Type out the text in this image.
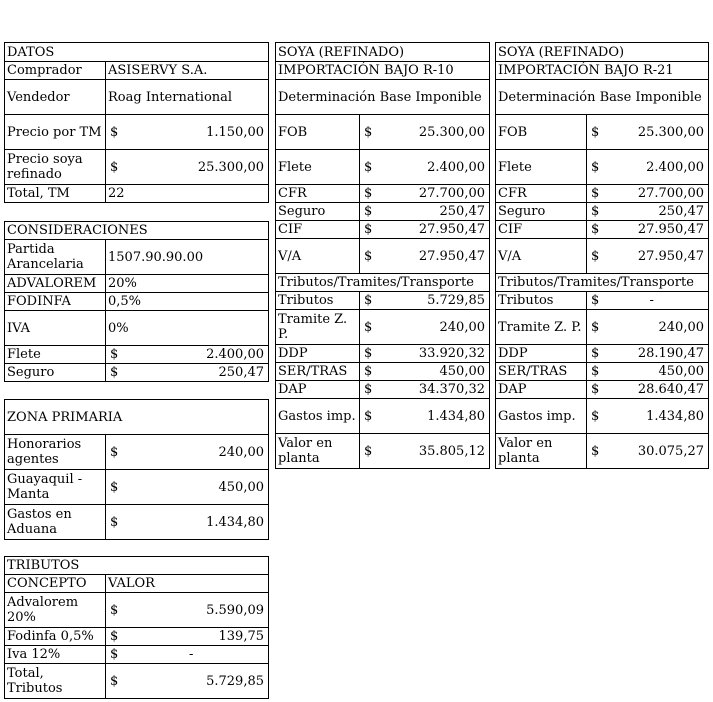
DATOS
Comprador	ASISERVY S.A.
Vendedor	Roag International
Precio por TM $	1.150,00
Precio soya refinado	$	25.300,00
Total, TM	22
CONSIDERACIONES
Partida Arancelaria	1507.90.90.00
ADVALOREM 20%
FODINFA	0,5%
IVA	0%
Flete	$	2.400,00
Seguro	$	250,47
ZONA PRIMARIA
Honorarios agentes	$	240,00
Guayaquil - Manta	$	450,00
Gastos en Aduana	$	1.434,80
TRIBUTOS
CONCEPTO	VALOR
Advalorem 20%	$	5.590,09
Fodinfa 0,5%	$	139,75
Iva 12%	$	-
Total, Tributos	$	5.729,85
SOYA (REFINADO)
IMPORTACIÓN BAJO R-10
Determinación Base Imponible
FOB	$	25.300,00
Flete	$	2.400,00
CFR	$	27.700,00
Seguro	$	250,47
CIF	$	27.950,47
V/A	$	27.950,47
Tributos/Tramites/Transporte
Tributos	$	5.729,85
Tramite Z. P.	$	240,00
DDP	$	33.920,32
SER/TRAS	$	450,00
DAP	$	34.370,32
Gastos imp. $	1.434,80
Valor en planta	$	35.805,12
SOYA (REFINADO)
IMPORTACIÓN BAJO R-21
Determinación Base Imponible
FOB	$	25.300,00
Flete	$	2.400,00
CFR	$	27.700,00
Seguro	$	250,47
CIF	$	27.950,47
V/A	$	27.950,47
Tributos/Tramites/Transporte
Tributos	$	-
Tramite Z. P. $	240,00
DDP	$	28.190,47
SER/TRAS	$	450,00
DAP	$	28.640,47
Gastos imp.	$	1.434,80
Valor en planta	$	30.075,27
